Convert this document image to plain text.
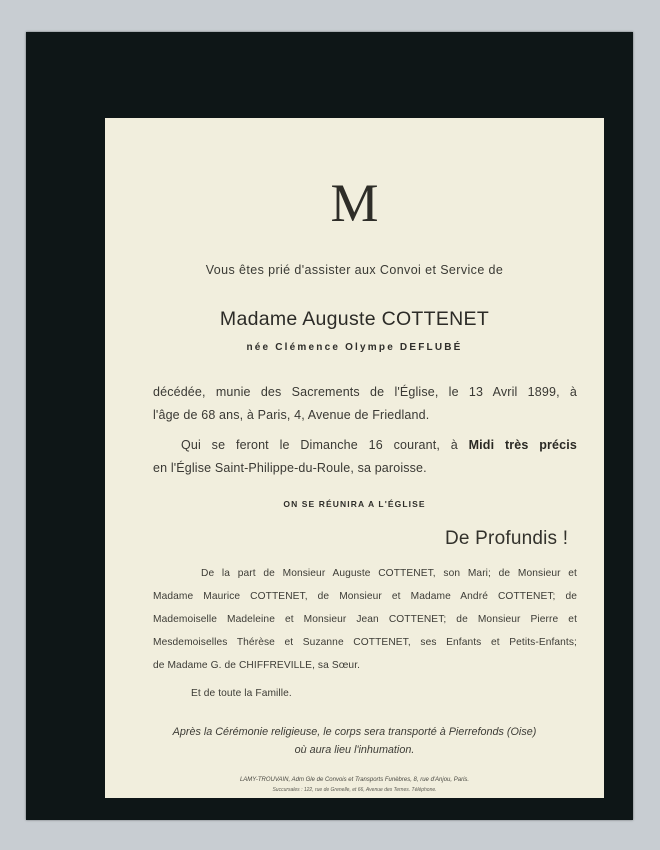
M
Vous êtes prié d'assister aux Convoi et Service de
Madame Auguste COTTENET
née Clémence Olympe DEFLUBÉ
décédée, munie des Sacrements de l'Église, le 13 Avril 1899, à
l'âge de 68 ans, à Paris, 4, Avenue de Friedland.
Qui se feront le Dimanche 16 courant, à Midi très précis
en l'Église Saint-Philippe-du-Roule, sa paroisse.
ON SE RÉUNIRA A L'ÉGLISE
De Profundis !
De la part de Monsieur Auguste COTTENET, son Mari; de Monsieur et
Madame Maurice COTTENET, de Monsieur et Madame André COTTENET; de
Mademoiselle Madeleine et Monsieur Jean COTTENET; de Monsieur Pierre et
Mesdemoiselles Thérèse et Suzanne COTTENET, ses Enfants et Petits-Enfants;
de Madame G. de CHIFFREVILLE, sa Sœur.
Et de toute la Famille.
Après la Cérémonie religieuse, le corps sera transporté à Pierrefonds (Oise)
où aura lieu l'inhumation.
LAMY-TROUVAIN, Adm Gle de Convois et Transports Funèbres, 8, rue d'Anjou, Paris.
Succursales : 122, rue de Grenelle, et 66, Avenue des Ternes. Téléphone.
